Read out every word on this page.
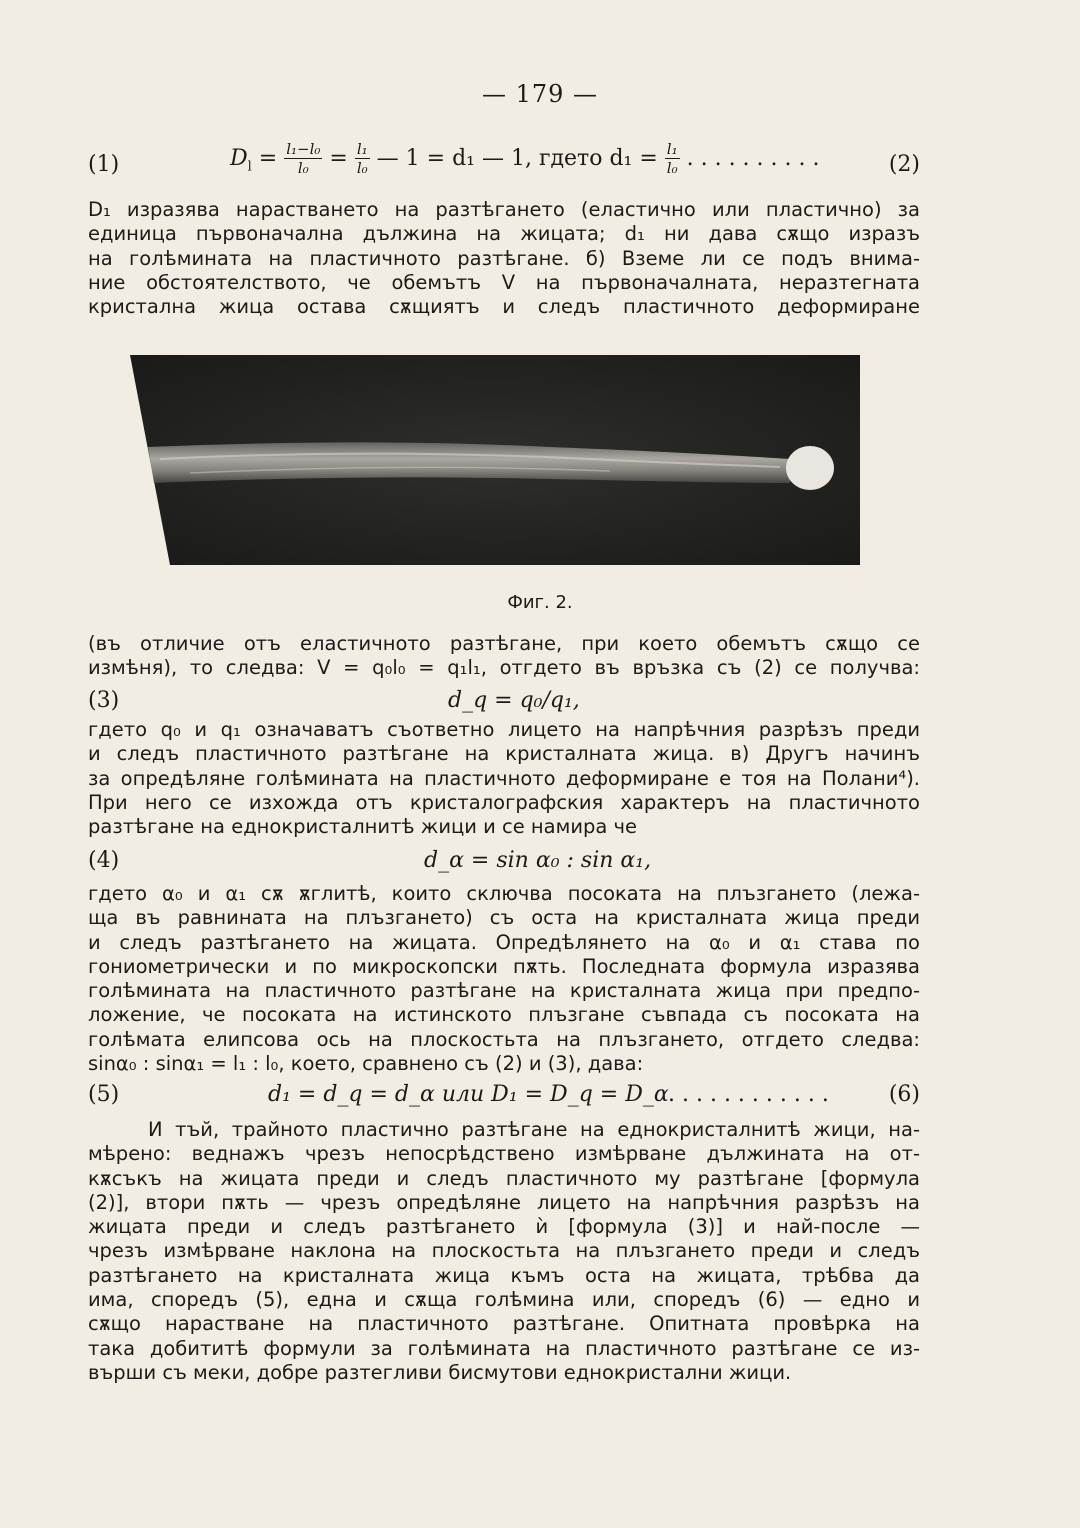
— 179 —
(1)	$D_l = \frac{\text{l₁−l₀}}{\text{l₀}} = \frac{\text{l₁}}{\text{l₀}}$ — 1 = d₁ — 1, гдето $d_1 = \frac{\text{l₁}}{\text{l₀}}$ . . . . . . . . . .	(2)
D₁ изразява нарастването на разтѣгането (еластично или пластично) за
единица първоначална дължина на жицата; d₁ ни дава сѫщо изразъ
на голѣмината на пластичното разтѣгане. б) Вземе ли се подъ внима-
ние обстоятелството, че обемътъ V на първоначалната, неразтегната
кристална жица остава сѫщиятъ и следъ пластичното деформиране
Фиг. 2.
(въ отличие отъ еластичното разтѣгане, при което обемътъ сѫщо се
измѣня), то следва: V = q₀l₀ = q₁l₁, отгдето въ връзка съ (2) се получва:
(3)	d_q = q₀/q₁,
гдето q₀ и q₁ означаватъ съответно лицето на напрѣчния разрѣзъ преди
и следъ пластичното разтѣгане на кристалната жица. в) Другъ начинъ
за опредѣляне голѣмината на пластичното деформиране е тоя на Полани⁴).
При него се изхожда отъ кристалографския характеръ на пластичното
разтѣгане на еднокристалнитѣ жици и се намира че
(4)	d_α = sin α₀ : sin α₁,
гдето α₀ и α₁ сѫ ѫглитѣ, които сключва посоката на плъзгането (лежа-
ща въ равнината на плъзгането) съ оста на кристалната жица преди
и следъ разтѣгането на жицата. Опредѣлянето на α₀ и α₁ става по
гониометрически и по микроскопски пѫть. Последната формула изразява
голѣмината на пластичното разтѣгане на кристалната жица при предпо-
ложение, че посоката на истинското плъзгане съвпада съ посоката на
голѣмата елипсова ось на плоскостьта на плъзгането, отгдето следва:
sinα₀ : sinα₁ = l₁ : l₀, което, сравнено съ (2) и (3), дава:
(5)	d₁ = d_q = d_α или D₁ = D_q = D_α . . . . . . . . . . . .	(6)
И тъй, трайното пластично разтѣгане на еднокристалнитѣ жици, на-
мѣрено: веднажъ чрезъ непосрѣдствено измѣрване дължината на от-
кѫсъкъ на жицата преди и следъ пластичното му разтѣгане [формула
(2)], втори пѫть — чрезъ опредѣляне лицето на напрѣчния разрѣзъ на
жицата преди и следъ разтѣгането ѝ [формула (3)] и най-после —
чрезъ измѣрване наклона на плоскостьта на плъзгането преди и следъ
разтѣгането на кристалната жица къмъ оста на жицата, трѣбва да
има, споредъ (5), една и сѫща голѣмина или, споредъ (6) — едно и
сѫщо нарастване на пластичното разтѣгане. Опитната провѣрка на
така добититѣ формули за голѣмината на пластичното разтѣгане се из-
върши съ меки, добре разтегливи бисмутови еднокристални жици.
